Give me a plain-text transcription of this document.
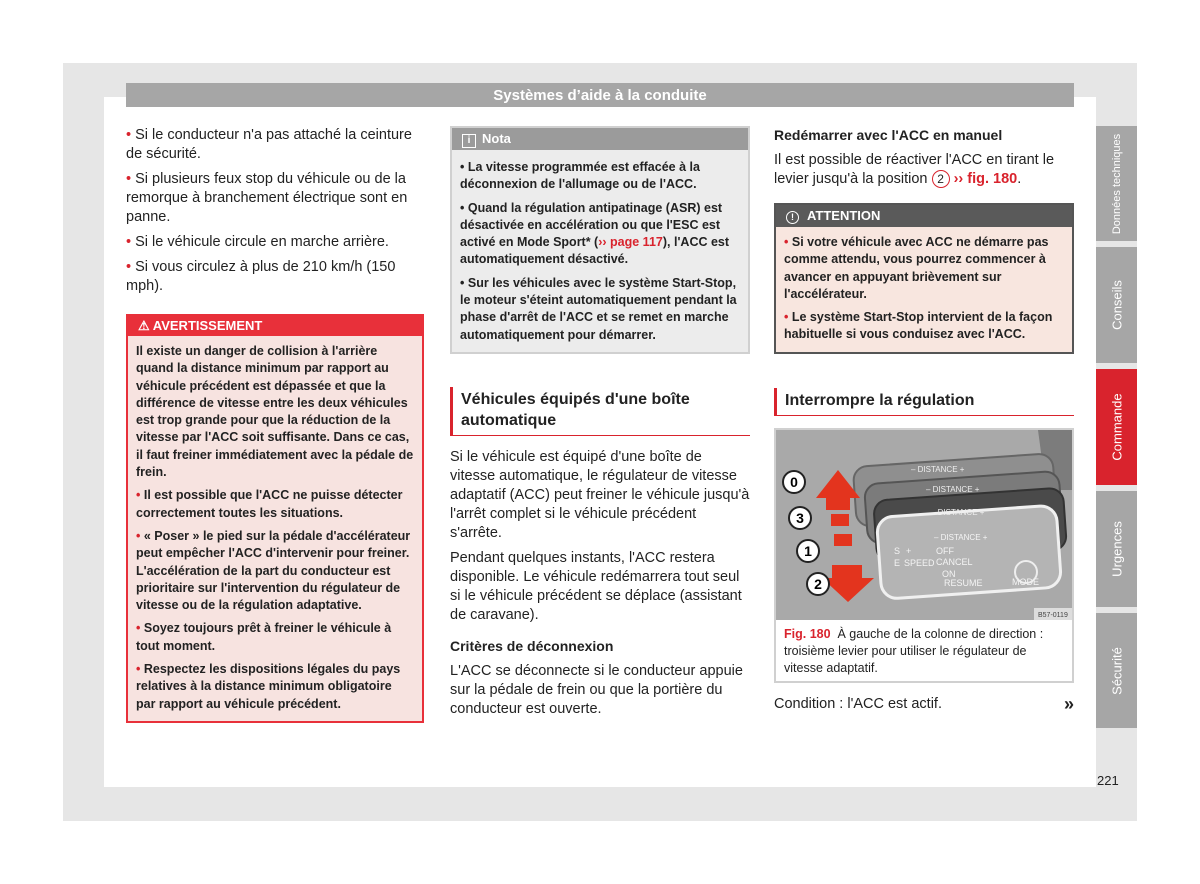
Systèmes d’aide à la conduite

• Si le conducteur n'a pas attaché la ceinture de sécurité.

• Si plusieurs feux stop du véhicule ou de la remorque à branchement électrique sont en panne.

• Si le véhicule circule en marche arrière.

• Si vous circulez à plus de 210 km/h (150 mph).

⚠ AVERTISSEMENT

Il existe un danger de collision à l'arrière quand la distance minimum par rapport au véhicule précédent est dépassée et que la différence de vitesse entre les deux véhicules est trop grande pour que la réduction de la vitesse par l'ACC soit suffisante. Dans ce cas, il faut freiner immédiatement avec la pédale de frein.

• Il est possible que l'ACC ne puisse détecter correctement toutes les situations.

• « Poser » le pied sur la pédale d'accélérateur peut empêcher l'ACC d'intervenir pour freiner. L'accélération de la part du conducteur est prioritaire sur l'intervention du régulateur de vitesse ou de la régulation adaptative.

• Soyez toujours prêt à freiner le véhicule à tout moment.

• Respectez les dispositions légales du pays relatives à la distance minimum obligatoire par rapport au véhicule précédent.

i Nota

• La vitesse programmée est effacée à la déconnexion de l'allumage ou de l'ACC.

• Quand la régulation antipatinage (ASR) est désactivée en accélération ou que l'ESC est activé en Mode Sport* (›› page 117), l'ACC est automatiquement désactivé.

• Sur les véhicules avec le système Start-Stop, le moteur s'éteint automatiquement pendant la phase d'arrêt de l'ACC et se remet en marche automatiquement pour démarrer.

Véhicules équipés d'une boîte automatique

Si le véhicule est équipé d'une boîte de vitesse automatique, le régulateur de vitesse adaptatif (ACC) peut freiner le véhicule jusqu'à l'arrêt complet si le véhicule précédent s'arrête.

Pendant quelques instants, l'ACC restera disponible. Le véhicule redémarrera tout seul si le véhicule précédent se déplace (assistant de caravane).

Critères de déconnexion

L'ACC se déconnecte si le conducteur appuie sur la pédale de frein ou que la portière du conducteur est ouverte.

Redémarrer avec l'ACC en manuel

Il est possible de réactiver l'ACC en tirant le levier jusqu'à la position 2 ›› fig. 180.

! ATTENTION

• Si votre véhicule avec ACC ne démarre pas comme attendu, vous pourrez commencer à avancer en appuyant brièvement sur l'accélérateur.

• Le système Start-Stop intervient de la façon habituelle si vous conduisez avec l'ACC.

Interrompre la régulation
– DISTANCE +
– DISTANCE +
– DISTANCE +
– DISTANCE +
S +	OFF
CANCEL
E SPEED
ON
RESUME	MODE
0
3
1
2
B57-0119
Fig. 180 À gauche de la colonne de direction : troisième levier pour utiliser le régulateur de vitesse adaptatif.

Condition : l'ACC est actif.	»

Données techniques
Conseils
Commande
Urgences
Sécurité
221
